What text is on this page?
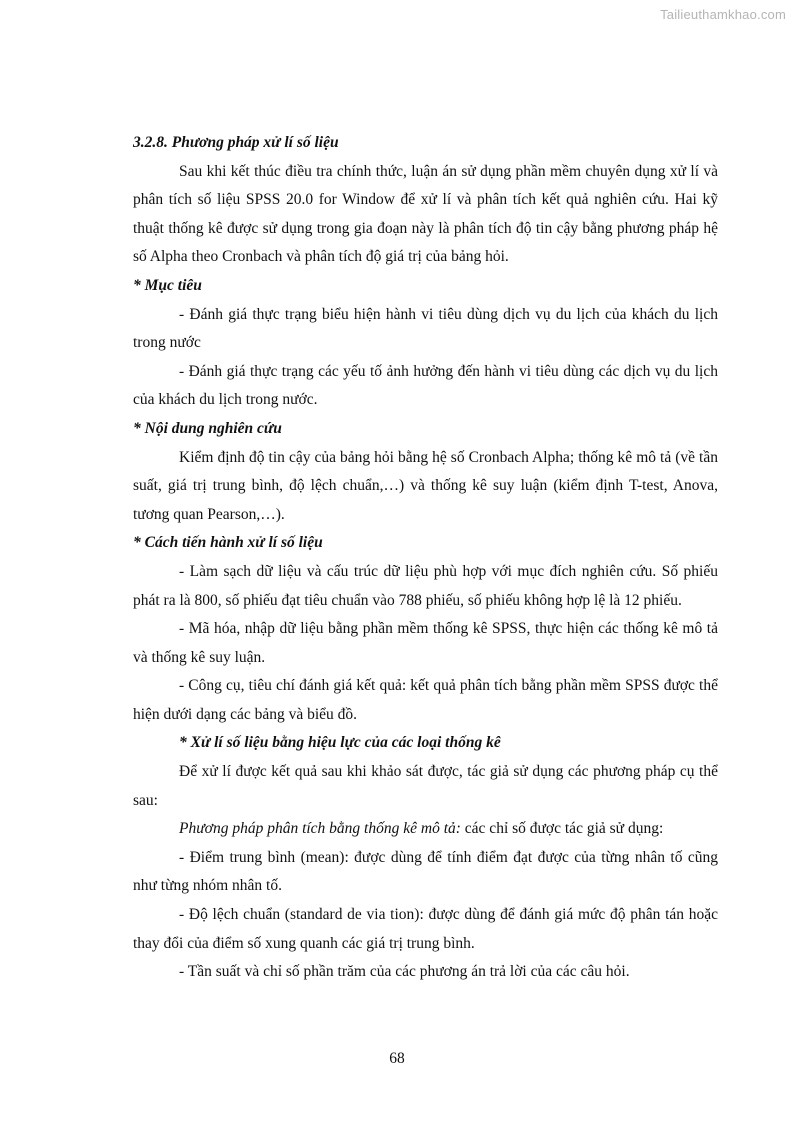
Tailieuthamkhao.com

3.2.8. Phương pháp xử lí số liệu

Sau khi kết thúc điều tra chính thức, luận án sử dụng phần mềm chuyên dụng xử lí và phân tích số liệu SPSS 20.0 for Window để xử lí và phân tích kết quả nghiên cứu. Hai kỹ thuật thống kê được sử dụng trong gia đoạn này là phân tích độ tin cậy bằng phương pháp hệ số Alpha theo Cronbach và phân tích độ giá trị của bảng hỏi.

* Mục tiêu

- Đánh giá thực trạng biểu hiện hành vi tiêu dùng dịch vụ du lịch của khách du lịch trong nước

- Đánh giá thực trạng các yếu tố ảnh hưởng đến hành vi tiêu dùng các dịch vụ du lịch của khách du lịch trong nước.

* Nội dung nghiên cứu

Kiểm định độ tin cậy của bảng hỏi bằng hệ số Cronbach Alpha; thống kê mô tả (về tần suất, giá trị trung bình, độ lệch chuẩn,…) và thống kê suy luận (kiểm định T-test, Anova, tương quan Pearson,…).

* Cách tiến hành xử lí số liệu

- Làm sạch dữ liệu và cấu trúc dữ liệu phù hợp với mục đích nghiên cứu. Số phiếu phát ra là 800, số phiếu đạt tiêu chuẩn vào 788 phiếu, số phiếu không hợp lệ là 12 phiếu.

- Mã hóa, nhập dữ liệu bằng phần mềm thống kê SPSS, thực hiện các thống kê mô tả và thống kê suy luận.

- Công cụ, tiêu chí đánh giá kết quả: kết quả phân tích bằng phần mềm SPSS được thể hiện dưới dạng các bảng và biểu đồ.

* Xử lí số liệu bằng hiệu lực của các loại thống kê

Để xử lí được kết quả sau khi khảo sát được, tác giả sử dụng các phương pháp cụ thể sau:

Phương pháp phân tích bằng thống kê mô tả: các chỉ số được tác giả sử dụng:

- Điểm trung bình (mean): được dùng để tính điểm đạt được của từng nhân tố cũng như từng nhóm nhân tố.

- Độ lệch chuẩn (standard de via tion): được dùng để đánh giá mức độ phân tán hoặc thay đổi của điểm số xung quanh các giá trị trung bình.

- Tần suất và chỉ số phần trăm của các phương án trả lời của các câu hỏi.

68
